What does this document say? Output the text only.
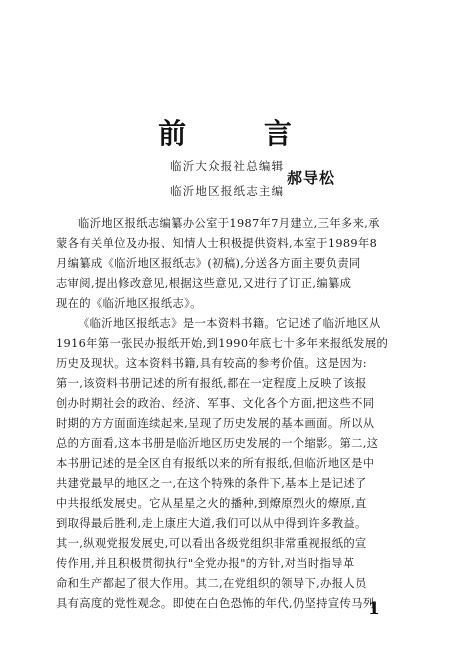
前 言
临沂大众报社总编辑
临沂地区报纸志主编
郝导松
临沂地区报纸志编纂办公室于1987年7月建立,三年多来,承
蒙各有关单位及办报、知情人士积极提供资料,本室于1989年8
月编纂成《临沂地区报纸志》(初稿),分送各方面主要负责同
志审阅,提出修改意见,根据这些意见,又进行了订正,编纂成
现在的《临沂地区报纸志》。
《临沂地区报纸志》是一本资料书籍。它记述了临沂地区从
1916年第一张民办报纸开始,到1990年底七十多年来报纸发展的
历史及现状。这本资料书籍,具有较高的参考价值。这是因为:
第一,该资料书册记述的所有报纸,都在一定程度上反映了该报
创办时期社会的政治、经济、军事、文化各个方面,把这些不同
时期的方方面面连续起来,呈现了历史发展的基本画面。所以从
总的方面看,这本书册是临沂地区历史发展的一个缩影。第二,这
本书册记述的是全区自有报纸以来的所有报纸,但临沂地区是中
共建党最早的地区之一,在这个特殊的条件下,基本上是记述了
中共报纸发展史。它从星星之火的播种,到燎原烈火的燎原,直
到取得最后胜利,走上康庄大道,我们可以从中得到许多教益。
其一,纵观党报发展史,可以看出各级党组织非常重视报纸的宣
传作用,并且积极贯彻执行"全党办报"的方针,对当时指导革
命和生产都起了很大作用。其二,在党组织的领导下,办报人员
具有高度的党性观念。即使在白色恐怖的年代,仍坚持宣传马列
1
